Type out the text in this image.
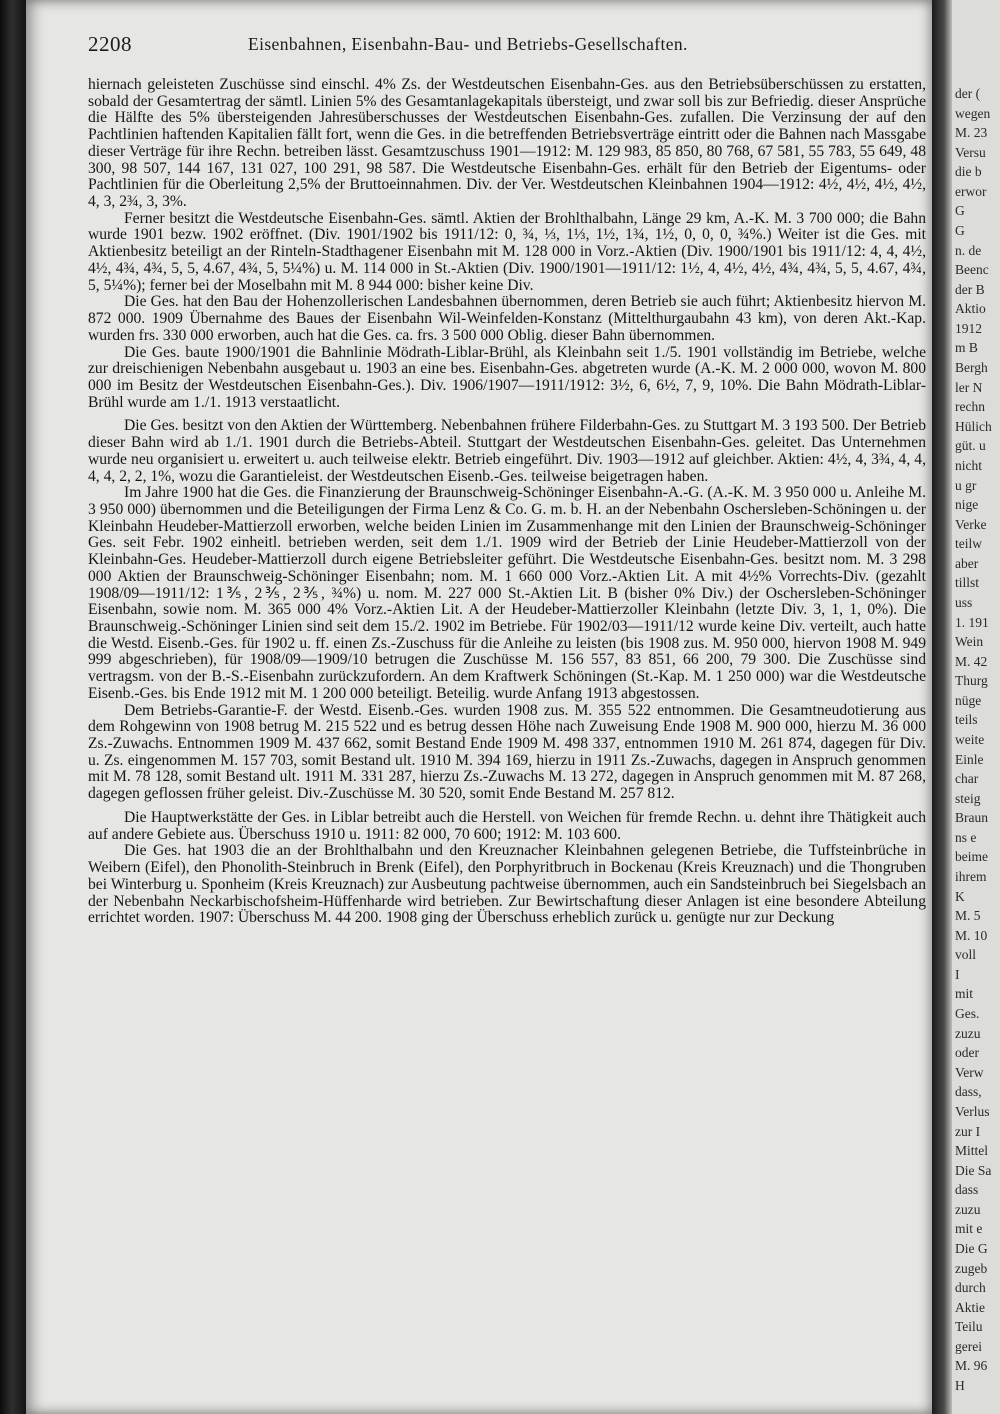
2208	Eisenbahnen, Eisenbahn-Bau- und Betriebs-Gesellschaften.

hiernach geleisteten Zuschüsse sind einschl. 4% Zs. der Westdeutschen Eisenbahn-Ges. aus den Betriebsüberschüssen zu erstatten, sobald der Gesamtertrag der sämtl. Linien 5% des Gesamtanlagekapitals übersteigt, und zwar soll bis zur Befriedig. dieser Ansprüche die Hälfte des 5% übersteigenden Jahresüberschusses der Westdeutschen Eisenbahn-Ges. zufallen. Die Verzinsung der auf den Pachtlinien haftenden Kapitalien fällt fort, wenn die Ges. in die betreffenden Betriebsverträge eintritt oder die Bahnen nach Massgabe dieser Verträge für ihre Rechn. betreiben lässt. Gesamtzuschuss 1901—1912: M. 129 983, 85 850, 80 768, 67 581, 55 783, 55 649, 48 300, 98 507, 144 167, 131 027, 100 291, 98 587. Die Westdeutsche Eisenbahn-Ges. erhält für den Betrieb der Eigentums- oder Pachtlinien für die Oberleitung 2,5% der Bruttoeinnahmen. Div. der Ver. Westdeutschen Kleinbahnen 1904—1912: 4½, 4½, 4½, 4½, 4, 3, 2¾, 3, 3%.

Ferner besitzt die Westdeutsche Eisenbahn-Ges. sämtl. Aktien der Brohlthalbahn, Länge 29 km, A.-K. M. 3 700 000; die Bahn wurde 1901 bezw. 1902 eröffnet. (Div. 1901/1902 bis 1911/12: 0, ¾, ⅓, 1⅓, 1½, 1¾, 1½, 0, 0, 0, ¾%.) Weiter ist die Ges. mit Aktienbesitz beteiligt an der Rinteln-Stadthagener Eisenbahn mit M. 128 000 in Vorz.-Aktien (Div. 1900/1901 bis 1911/12: 4, 4, 4½, 4½, 4¾, 4¾, 5, 5, 4.67, 4¾, 5, 5¼%) u. M. 114 000 in St.-Aktien (Div. 1900/1901—1911/12: 1½, 4, 4½, 4½, 4¾, 4¾, 5, 5, 4.67, 4¾, 5, 5¼%); ferner bei der Moselbahn mit M. 8 944 000: bisher keine Div.

Die Ges. hat den Bau der Hohenzollerischen Landesbahnen übernommen, deren Betrieb sie auch führt; Aktienbesitz hiervon M. 872 000. 1909 Übernahme des Baues der Eisenbahn Wil-Weinfelden-Konstanz (Mittelthurgaubahn 43 km), von deren Akt.-Kap. wurden frs. 330 000 erworben, auch hat die Ges. ca. frs. 3 500 000 Oblig. dieser Bahn übernommen.

Die Ges. baute 1900/1901 die Bahnlinie Mödrath-Liblar-Brühl, als Kleinbahn seit 1./5. 1901 vollständig im Betriebe, welche zur dreischienigen Nebenbahn ausgebaut u. 1903 an eine bes. Eisenbahn-Ges. abgetreten wurde (A.-K. M. 2 000 000, wovon M. 800 000 im Besitz der Westdeutschen Eisenbahn-Ges.). Div. 1906/1907—1911/1912: 3½, 6, 6½, 7, 9, 10%. Die Bahn Mödrath-Liblar-Brühl wurde am 1./1. 1913 verstaatlicht.

Die Ges. besitzt von den Aktien der Württemberg. Nebenbahnen frühere Filderbahn-Ges. zu Stuttgart M. 3 193 500. Der Betrieb dieser Bahn wird ab 1./1. 1901 durch die Betriebs-Abteil. Stuttgart der Westdeutschen Eisenbahn-Ges. geleitet. Das Unternehmen wurde neu organisiert u. erweitert u. auch teilweise elektr. Betrieb eingeführt. Div. 1903—1912 auf gleichber. Aktien: 4½, 4, 3¾, 4, 4, 4, 4, 2, 2, 1%, wozu die Garantieleist. der Westdeutschen Eisenb.-Ges. teilweise beigetragen haben.

Im Jahre 1900 hat die Ges. die Finanzierung der Braunschweig-Schöninger Eisenbahn-A.-G. (A.-K. M. 3 950 000 u. Anleihe M. 3 950 000) übernommen und die Beteiligungen der Firma Lenz & Co. G. m. b. H. an der Nebenbahn Oschersleben-Schöningen u. der Kleinbahn Heudeber-Mattierzoll erworben, welche beiden Linien im Zusammenhange mit den Linien der Braunschweig-Schöninger Ges. seit Febr. 1902 einheitl. betrieben werden, seit dem 1./1. 1909 wird der Betrieb der Linie Heudeber-Mattierzoll von der Kleinbahn-Ges. Heudeber-Mattierzoll durch eigene Betriebsleiter geführt. Die Westdeutsche Eisenbahn-Ges. besitzt nom. M. 3 298 000 Aktien der Braunschweig-Schöninger Eisenbahn; nom. M. 1 660 000 Vorz.-Aktien Lit. A mit 4½% Vorrechts-Div. (gezahlt 1908/09—1911/12: 1⅗, 2⅗, 2⅗, ¾%) u. nom. M. 227 000 St.-Aktien Lit. B (bisher 0% Div.) der Oschersleben-Schöninger Eisenbahn, sowie nom. M. 365 000 4% Vorz.-Aktien Lit. A der Heudeber-Mattierzoller Kleinbahn (letzte Div. 3, 1, 1, 0%). Die Braunschweig.-Schöninger Linien sind seit dem 15./2. 1902 im Betriebe. Für 1902/03—1911/12 wurde keine Div. verteilt, auch hatte die Westd. Eisenb.-Ges. für 1902 u. ff. einen Zs.-Zuschuss für die Anleihe zu leisten (bis 1908 zus. M. 950 000, hiervon 1908 M. 949 999 abgeschrieben), für 1908/09—1909/10 betrugen die Zuschüsse M. 156 557, 83 851, 66 200, 79 300. Die Zuschüsse sind vertragsm. von der B.-S.-Eisenbahn zurückzufordern. An dem Kraftwerk Schöningen (St.-Kap. M. 1 250 000) war die Westdeutsche Eisenb.-Ges. bis Ende 1912 mit M. 1 200 000 beteiligt. Beteilig. wurde Anfang 1913 abgestossen.

Dem Betriebs-Garantie-F. der Westd. Eisenb.-Ges. wurden 1908 zus. M. 355 522 entnommen. Die Gesamtneudotierung aus dem Rohgewinn von 1908 betrug M. 215 522 und es betrug dessen Höhe nach Zuweisung Ende 1908 M. 900 000, hierzu M. 36 000 Zs.-Zuwachs. Entnommen 1909 M. 437 662, somit Bestand Ende 1909 M. 498 337, entnommen 1910 M. 261 874, dagegen für Div. u. Zs. eingenommen M. 157 703, somit Bestand ult. 1910 M. 394 169, hierzu in 1911 Zs.-Zuwachs, dagegen in Anspruch genommen mit M. 78 128, somit Bestand ult. 1911 M. 331 287, hierzu Zs.-Zuwachs M. 13 272, dagegen in Anspruch genommen mit M. 87 268, dagegen geflossen früher geleist. Div.-Zuschüsse M. 30 520, somit Ende Bestand M. 257 812.

Die Hauptwerkstätte der Ges. in Liblar betreibt auch die Herstell. von Weichen für fremde Rechn. u. dehnt ihre Thätigkeit auch auf andere Gebiete aus. Überschuss 1910 u. 1911: 82 000, 70 600; 1912: M. 103 600.

Die Ges. hat 1903 die an der Brohlthalbahn und den Kreuznacher Kleinbahnen gelegenen Betriebe, die Tuffsteinbrüche in Weibern (Eifel), den Phonolith-Steinbruch in Brenk (Eifel), den Porphyritbruch in Bockenau (Kreis Kreuznach) und die Thongruben bei Winterburg u. Sponheim (Kreis Kreuznach) zur Ausbeutung pachtweise übernommen, auch ein Sandsteinbruch bei Siegelsbach an der Nebenbahn Neckarbischofsheim-Hüffenharde wird betrieben. Zur Bewirtschaftung dieser Anlagen ist eine besondere Abteilung errichtet worden. 1907: Überschuss M. 44 200. 1908 ging der Überschuss erheblich zurück u. genügte nur zur Deckung

der (
wegen
M. 23
Versu
die b
erwor
G
G
n. de
Beenc
der B
Aktio
1912
m B
Bergh
ler N
rechn
Hülich
güt. u
nicht
u gr
nige
Verke
teilw
aber
tillst
uss
1. 191
Wein
M. 42
Thurg
nüge
teils
weite
Einle
char
steig
Braun
ns e
beime
ihrem
K
M. 5
M. 10
voll
I
mit
Ges.
zuzu
oder
Verw
dass,
Verlus
zur I
Mittel
Die Sa
dass
zuzu
mit e
Die G
zugeb
durch
Aktie
Teilu
gerei
M. 96
H
